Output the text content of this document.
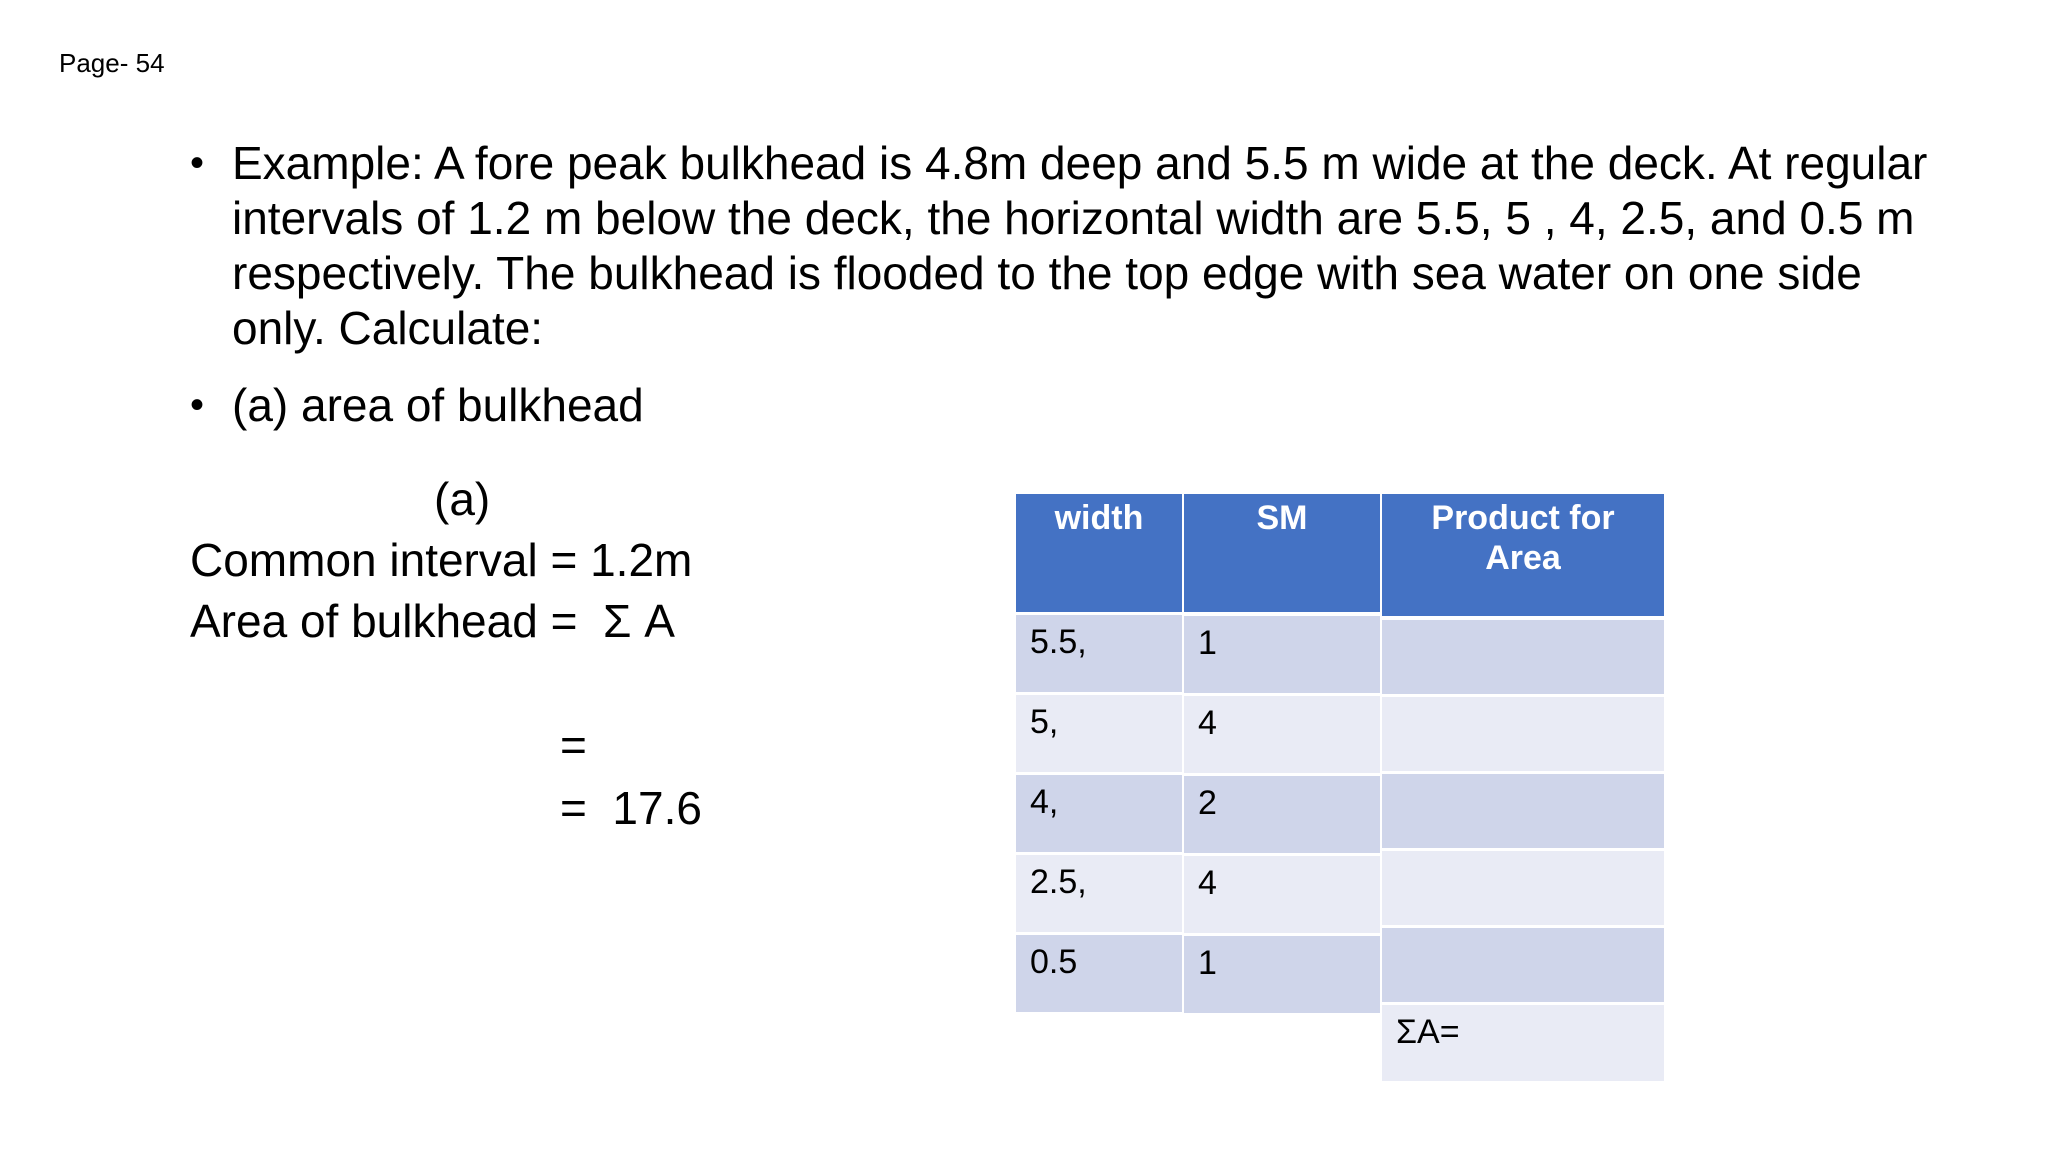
Page- 54
• Example: A fore peak bulkhead is 4.8m deep and 5.5 m wide at the deck. At regular intervals of 1.2 m below the deck, the horizontal width are 5.5, 5 , 4, 2.5, and 0.5 m respectively. The bulkhead is flooded to the top edge with sea water on one side only. Calculate:
• (a) area of bulkhead
(a)
Common interval = 1.2m
Area of bulkhead =  Σ A
=
=  17.6
width
5.5,
5,
4,
2.5,
0.5
SM
1
4
2
4
1
Product for Area
ΣA=
